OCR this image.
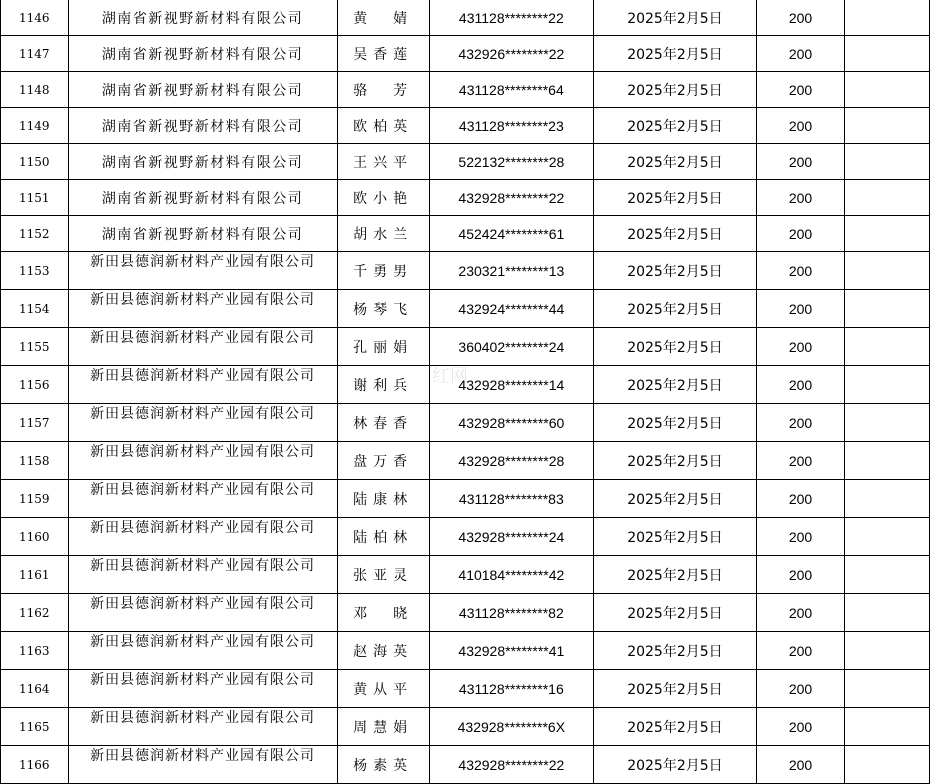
1146	湖南省新视野新材料有限公司	黄　婧	431128********22	2025年2月5日	200	
1147	湖南省新视野新材料有限公司	吴香莲	432926********22	2025年2月5日	200	
1148	湖南省新视野新材料有限公司	骆　芳	431128********64	2025年2月5日	200	
1149	湖南省新视野新材料有限公司	欧柏英	431128********23	2025年2月5日	200	
1150	湖南省新视野新材料有限公司	王兴平	522132********28	2025年2月5日	200	
1151	湖南省新视野新材料有限公司	欧小艳	432928********22	2025年2月5日	200	
1152	湖南省新视野新材料有限公司	胡水兰	452424********61	2025年2月5日	200	
1153	新田县德润新材料产业园有限公司	千勇男	230321********13	2025年2月5日	200	
1154	新田县德润新材料产业园有限公司	杨琴飞	432924********44	2025年2月5日	200	
1155	新田县德润新材料产业园有限公司	孔丽娟	360402********24	2025年2月5日	200	
1156	新田县德润新材料产业园有限公司	谢利兵	432928********14	2025年2月5日	200	
1157	新田县德润新材料产业园有限公司	林春香	432928********60	2025年2月5日	200	
1158	新田县德润新材料产业园有限公司	盘万香	432928********28	2025年2月5日	200	
1159	新田县德润新材料产业园有限公司	陆康林	431128********83	2025年2月5日	200	
1160	新田县德润新材料产业园有限公司	陆柏林	432928********24	2025年2月5日	200	
1161	新田县德润新材料产业园有限公司	张亚灵	410184********42	2025年2月5日	200	
1162	新田县德润新材料产业园有限公司	邓　晓	431128********82	2025年2月5日	200	
1163	新田县德润新材料产业园有限公司	赵海英	432928********41	2025年2月5日	200	
1164	新田县德润新材料产业园有限公司	黄从平	431128********16	2025年2月5日	200	
1165	新田县德润新材料产业园有限公司	周慧娟	432928********6X	2025年2月5日	200	
1166	新田县德润新材料产业园有限公司	杨素英	432928********22	2025年2月5日	200	
红网
